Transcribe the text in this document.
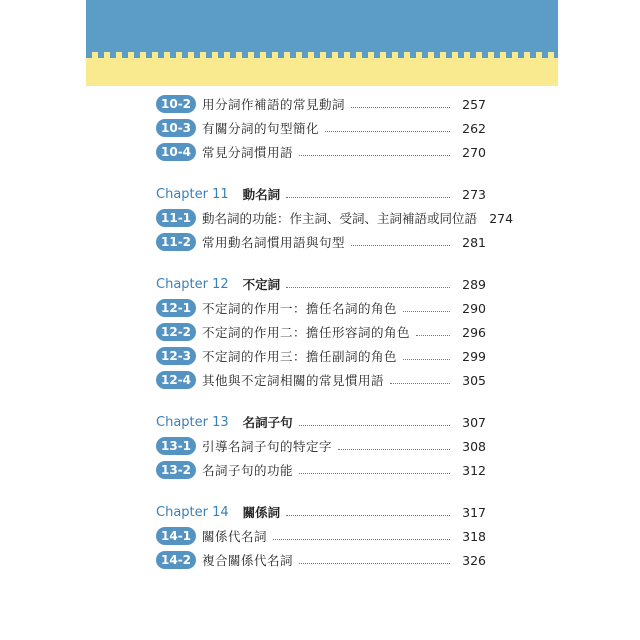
10-2 用分詞作補語的常見動詞	257
10-3 有關分詞的句型簡化	262
10-4 常見分詞慣用語	270
Chapter 11 動名詞	273
11-1 動名詞的功能：作主詞、受詞、主詞補語或同位語 274
11-2 常用動名詞慣用語與句型	281
Chapter 12 不定詞	289
12-1 不定詞的作用一：擔任名詞的角色	290
12-2 不定詞的作用二：擔任形容詞的角色	296
12-3 不定詞的作用三：擔任副詞的角色	299
12-4 其他與不定詞相關的常見慣用語	305
Chapter 13 名詞子句	307
13-1 引導名詞子句的特定字	308
13-2 名詞子句的功能	312
Chapter 14 關係詞	317
14-1 關係代名詞	318
14-2 複合關係代名詞	326
